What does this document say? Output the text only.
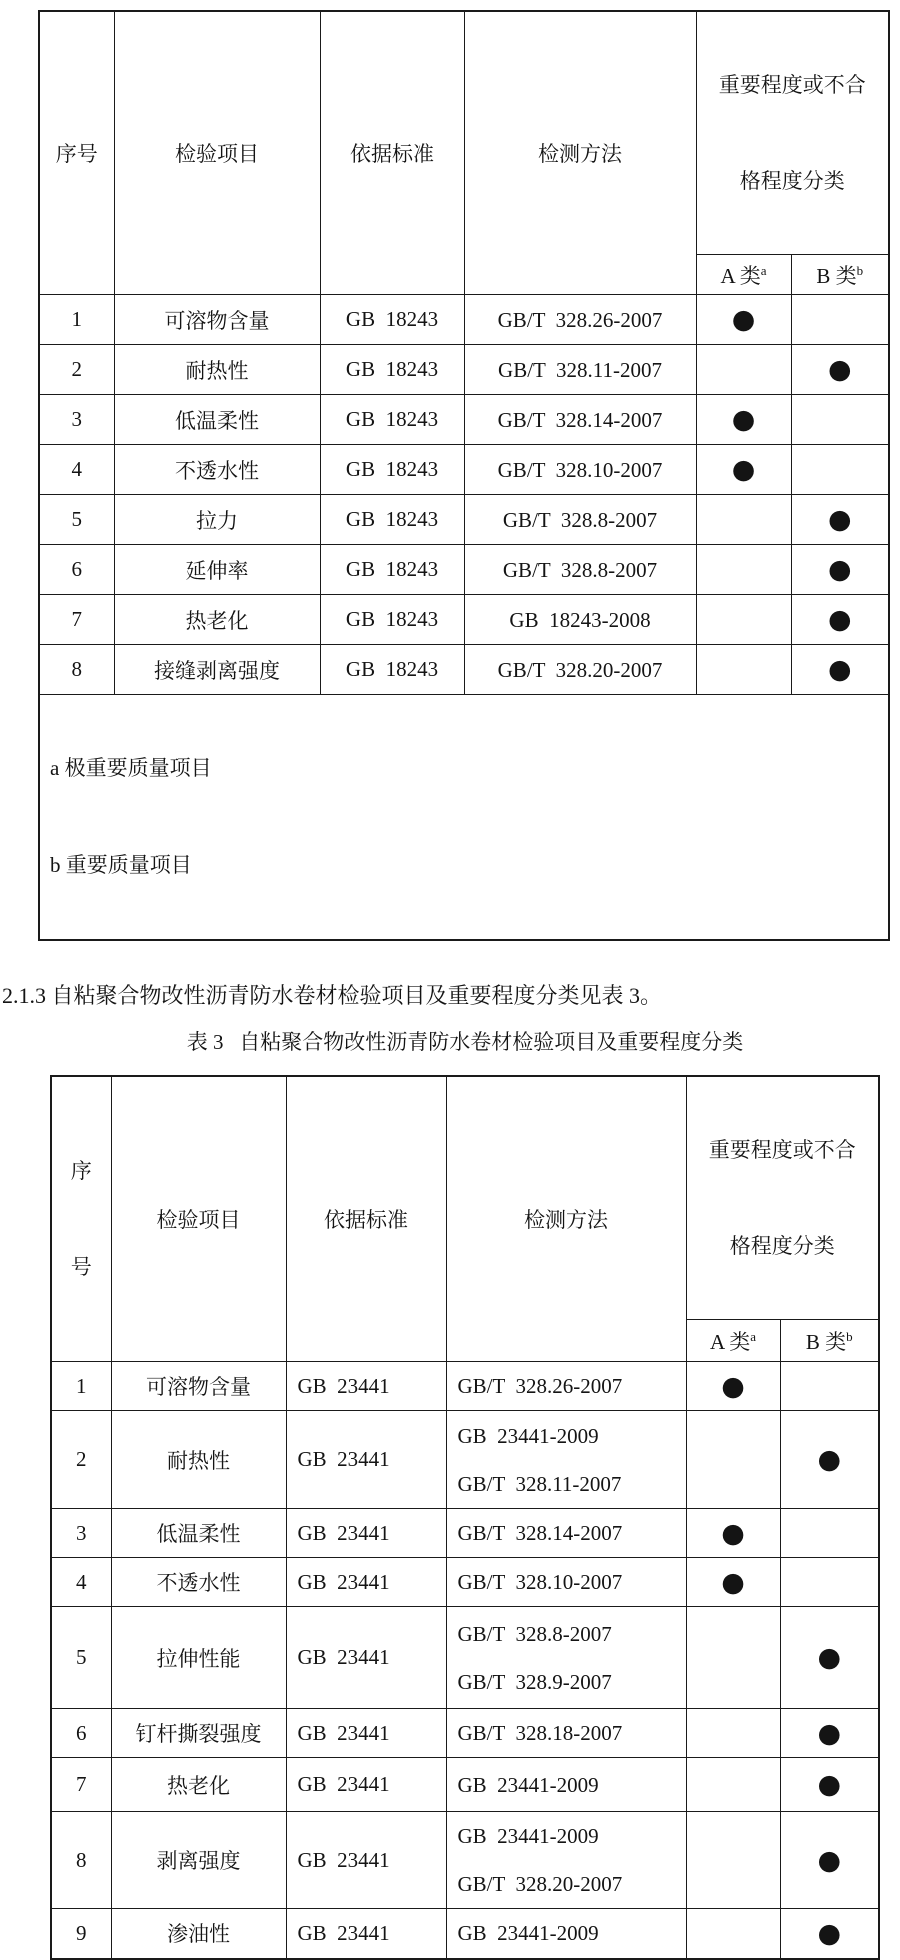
序号	检验项目	依据标准	检测方法	重要程度或不合

格程度分类	

				A 类$^a$	B 类$^b$
1	可溶物含量	GB  18243	GB/T  328.26-2007	●	
2	耐热性	GB  18243	GB/T  328.11-2007		●
3	低温柔性	GB  18243	GB/T  328.14-2007	●	
4	不透水性	GB  18243	GB/T  328.10-2007	●	
5	拉力	GB  18243	GB/T  328.8-2007		●
6	延伸率	GB  18243	GB/T  328.8-2007		●
7	热老化	GB  18243	GB  18243-2008		●
8	接缝剥离强度	GB  18243	GB/T  328.20-2007		●

a 极重要质量项目

b 重要质量项目					

2.1.3 自粘聚合物改性沥青防水卷材检验项目及重要程度分类见表 3。

表 3   自粘聚合物改性沥青防水卷材检验项目及重要程度分类

序

号

	检验项目	依据标准	检测方法	

重要程度或不合

格程度分类

				A 类$^a$	B 类$^b$
1	可溶物含量	GB  23441	GB/T  328.26-2007	●	
2	耐热性	GB  23441	GB  23441-2009
GB/T  328.11-2007		●
3	低温柔性	GB  23441	GB/T  328.14-2007	●	
4	不透水性	GB  23441	GB/T  328.10-2007	●	
5	拉伸性能	GB  23441	GB/T  328.8-2007
GB/T  328.9-2007		●
6	钉杆撕裂强度	GB  23441	GB/T  328.18-2007		●
7	热老化	GB  23441	GB  23441-2009		●
8	剥离强度	GB  23441	GB  23441-2009
GB/T  328.20-2007		●
9	渗油性	GB  23441	GB  23441-2009		●
